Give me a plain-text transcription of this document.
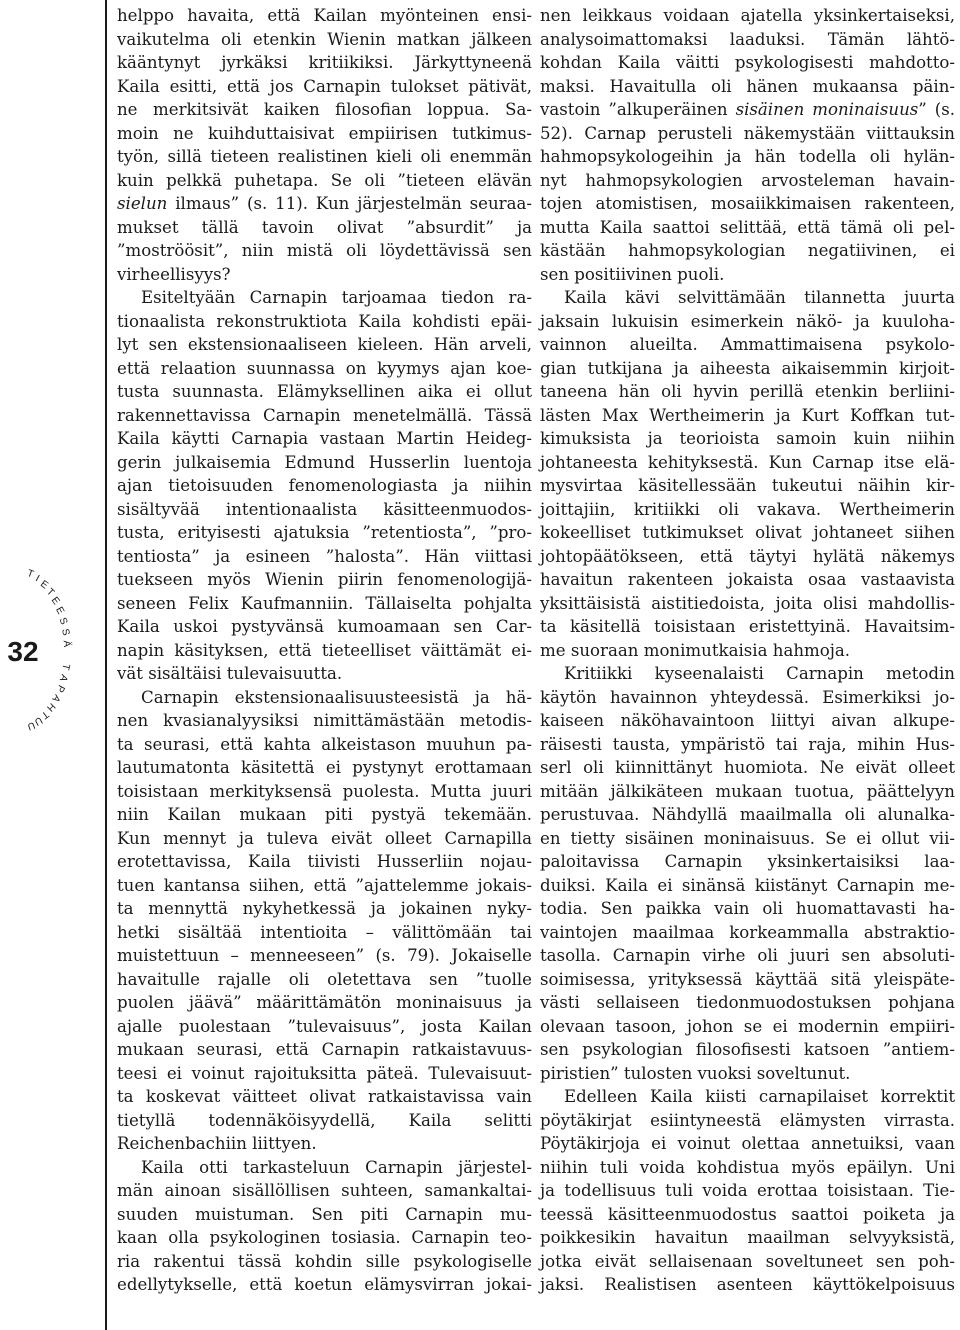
T
I
E
T
E
E
S
S
Ä
T
A
P
A
H
T
U
U
32
helppo havaita, että Kailan myönteinen ensi-
vaikutelma oli etenkin Wienin matkan jälkeen
kääntynyt jyrkäksi kritiikiksi. Järkyttyneenä
Kaila esitti, että jos Carnapin tulokset pätivät,
ne merkitsivät kaiken filosofian loppua. Sa-
moin ne kuihduttaisivat empiirisen tutkimus-
työn, sillä tieteen realistinen kieli oli enemmän
kuin pelkkä puhetapa. Se oli ”tieteen elävän
sielun ilmaus” (s. 11). Kun järjestelmän seuraa-
mukset tällä tavoin olivat ”absurdit” ja
”moströösit”, niin mistä oli löydettävissä sen
virheellisyys?
Esiteltyään Carnapin tarjoamaa tiedon ra-
tionaalista rekonstruktiota Kaila kohdisti epäi-
lyt sen ekstensionaaliseen kieleen. Hän arveli,
että relaation suunnassa on kyymys ajan koe-
tusta suunnasta. Elämyksellinen aika ei ollut
rakennettavissa Carnapin menetelmällä. Tässä
Kaila käytti Carnapia vastaan Martin Heideg-
gerin julkaisemia Edmund Husserlin luentoja
ajan tietoisuuden fenomenologiasta ja niihin
sisältyvää intentionaalista käsitteenmuodos-
tusta, erityisesti ajatuksia ”retentiosta”, ”pro-
tentiosta” ja esineen ”halosta”. Hän viittasi
tuekseen myös Wienin piirin fenomenologijä-
seneen Felix Kaufmanniin. Tällaiselta pohjalta
Kaila uskoi pystyvänsä kumoamaan sen Car-
napin käsityksen, että tieteelliset väittämät ei-
vät sisältäisi tulevaisuutta.
Carnapin ekstensionaalisuusteesistä ja hä-
nen kvasianalyysiksi nimittämästään metodis-
ta seurasi, että kahta alkeistason muuhun pa-
lautumatonta käsitettä ei pystynyt erottamaan
toisistaan merkityksensä puolesta. Mutta juuri
niin Kailan mukaan piti pystyä tekemään.
Kun mennyt ja tuleva eivät olleet Carnapilla
erotettavissa, Kaila tiivisti Husserliin nojau-
tuen kantansa siihen, että ”ajattelemme jokais-
ta mennyttä nykyhetkessä ja jokainen nyky-
hetki sisältää intentioita – välittömään tai
muistettuun – menneeseen” (s. 79). Jokaiselle
havaitulle rajalle oli oletettava sen ”tuolle
puolen jäävä” määrittämätön moninaisuus ja
ajalle puolestaan ”tulevaisuus”, josta Kailan
mukaan seurasi, että Carnapin ratkaistavuus-
teesi ei voinut rajoituksitta päteä. Tulevaisuut-
ta koskevat väitteet olivat ratkaistavissa vain
tietyllä todennäköisyydellä, Kaila selitti
Reichenbachiin liittyen.
Kaila otti tarkasteluun Carnapin järjestel-
män ainoan sisällöllisen suhteen, samankaltai-
suuden muistuman. Sen piti Carnapin mu-
kaan olla psykologinen tosiasia. Carnapin teo-
ria rakentui tässä kohdin sille psykologiselle
edellytykselle, että koetun elämysvirran jokai-
nen leikkaus voidaan ajatella yksinkertaiseksi,
analysoimattomaksi laaduksi. Tämän lähtö-
kohdan Kaila väitti psykologisesti mahdotto-
maksi. Havaitulla oli hänen mukaansa päin-
vastoin ”alkuperäinen sisäinen moninaisuus” (s.
52). Carnap perusteli näkemystään viittauksin
hahmopsykologeihin ja hän todella oli hylän-
nyt hahmopsykologien arvosteleman havain-
tojen atomistisen, mosaiikkimaisen rakenteen,
mutta Kaila saattoi selittää, että tämä oli pel-
kästään hahmopsykologian negatiivinen, ei
sen positiivinen puoli.
Kaila kävi selvittämään tilannetta juurta
jaksain lukuisin esimerkein näkö- ja kuuloha-
vainnon alueilta. Ammattimaisena psykolo-
gian tutkijana ja aiheesta aikaisemmin kirjoit-
taneena hän oli hyvin perillä etenkin berliini-
lästen Max Wertheimerin ja Kurt Koffkan tut-
kimuksista ja teorioista samoin kuin niihin
johtaneesta kehityksestä. Kun Carnap itse elä-
mysvirtaa käsitellessään tukeutui näihin kir-
joittajiin, kritiikki oli vakava. Wertheimerin
kokeelliset tutkimukset olivat johtaneet siihen
johtopäätökseen, että täytyi hylätä näkemys
havaitun rakenteen jokaista osaa vastaavista
yksittäisistä aistitiedoista, joita olisi mahdollis-
ta käsitellä toisistaan eristettyinä. Havaitsim-
me suoraan monimutkaisia hahmoja.
Kritiikki kyseenalaisti Carnapin metodin
käytön havainnon yhteydessä. Esimerkiksi jo-
kaiseen näköhavaintoon liittyi aivan alkupe-
räisesti tausta, ympäristö tai raja, mihin Hus-
serl oli kiinnittänyt huomiota. Ne eivät olleet
mitään jälkikäteen mukaan tuotua, päättelyyn
perustuvaa. Nähdyllä maailmalla oli alunalka-
en tietty sisäinen moninaisuus. Se ei ollut vii-
paloitavissa Carnapin yksinkertaisiksi laa-
duiksi. Kaila ei sinänsä kiistänyt Carnapin me-
todia. Sen paikka vain oli huomattavasti ha-
vaintojen maailmaa korkeammalla abstraktio-
tasolla. Carnapin virhe oli juuri sen absoluti-
soimisessa, yrityksessä käyttää sitä yleispäte-
västi sellaiseen tiedonmuodostuksen pohjana
olevaan tasoon, johon se ei modernin empiiri-
sen psykologian filosofisesti katsoen ”antiem-
piristien” tulosten vuoksi soveltunut.
Edelleen Kaila kiisti carnapilaiset korrektit
pöytäkirjat esiintyneestä elämysten virrasta.
Pöytäkirjoja ei voinut olettaa annetuiksi, vaan
niihin tuli voida kohdistua myös epäilyn. Uni
ja todellisuus tuli voida erottaa toisistaan. Tie-
teessä käsitteenmuodostus saattoi poiketa ja
poikkesikin havaitun maailman selvyyksistä,
jotka eivät sellaisenaan soveltuneet sen poh-
jaksi. Realistisen asenteen käyttökelpoisuus
